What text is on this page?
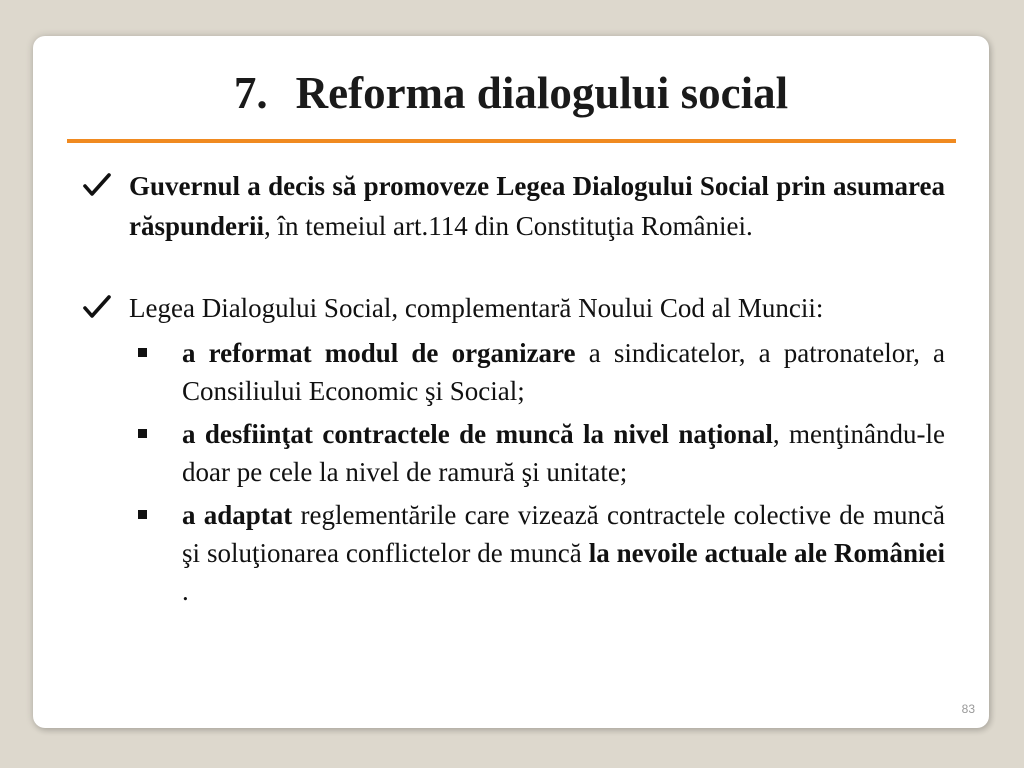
7. Reforma dialogului social
Guvernul a decis să promoveze Legea Dialogului Social prin asumarea răspunderii, în temeiul art.114 din Constituţia României.
Legea Dialogului Social, complementară Noului Cod al Muncii:
a reformat modul de organizare a sindicatelor, a patronatelor, a Consiliului Economic şi Social;
a desfiinţat contractele de muncă la nivel naţional, menţinându-le doar pe cele la nivel de ramură şi unitate;
a adaptat reglementările care vizează contractele colective de muncă şi soluţionarea conflictelor de muncă la nevoile actuale ale României .
83
